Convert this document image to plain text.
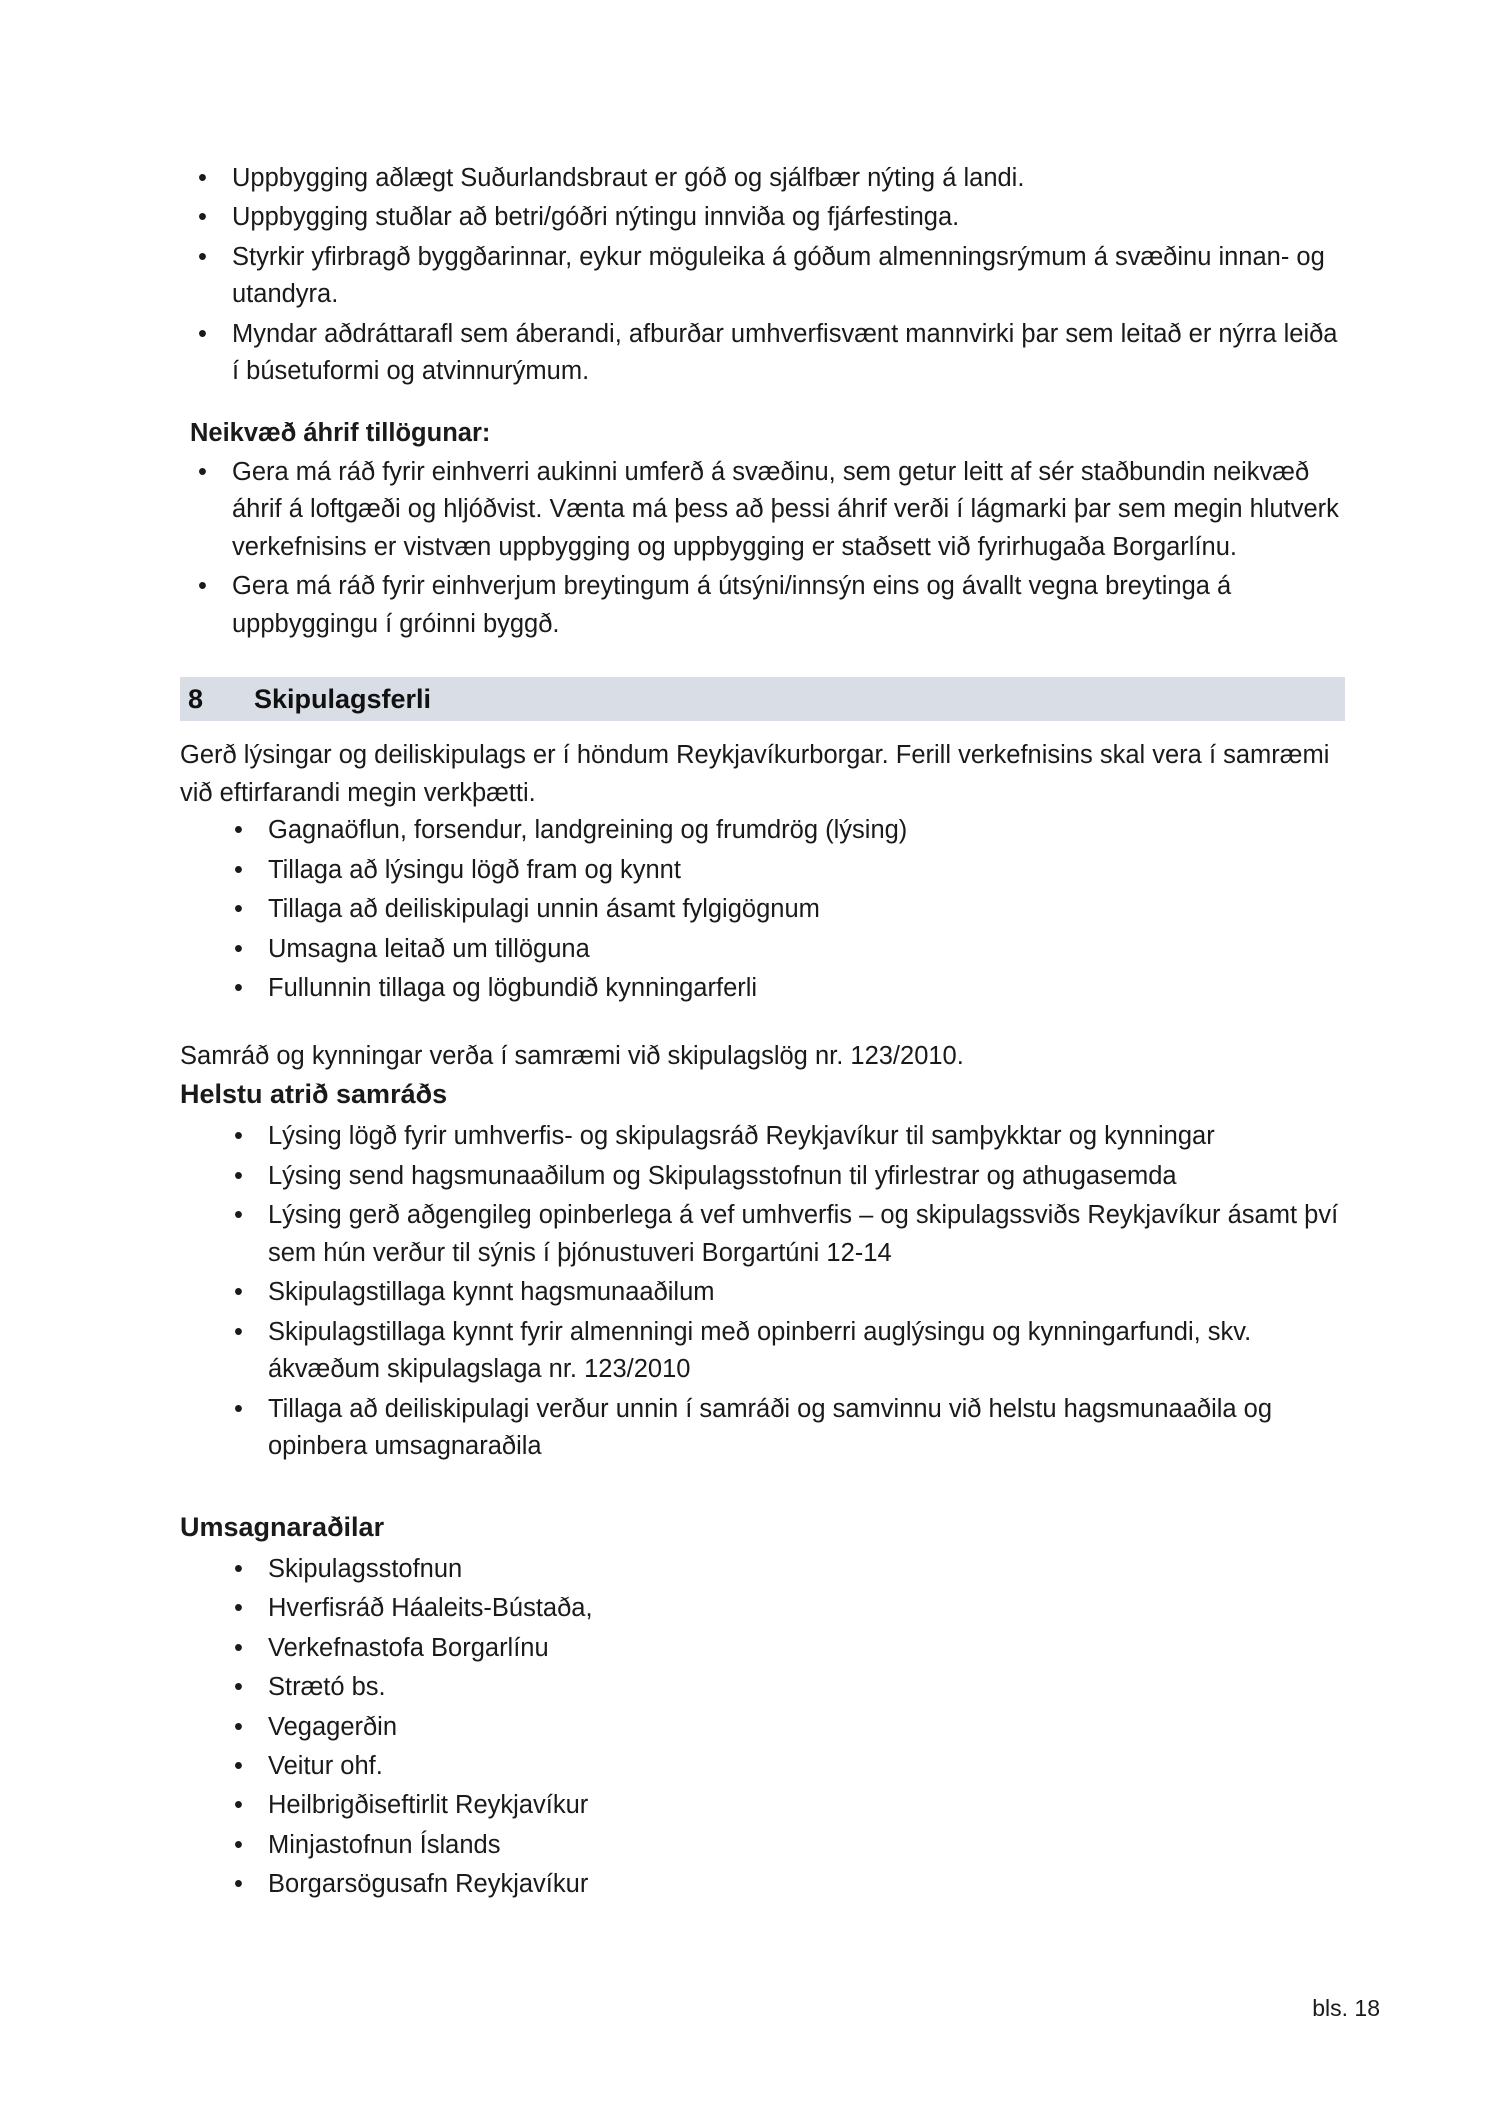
• Uppbygging aðlægt Suðurlandsbraut er góð og sjálfbær nýting á landi.
• Uppbygging stuðlar að betri/góðri nýtingu innviða og fjárfestinga.
• Styrkir yfirbragð byggðarinnar, eykur möguleika á góðum almenningsrýmum á svæðinu innan- og utandyra.
• Myndar aðdráttarafl sem áberandi, afburðar umhverfisvænt mannvirki þar sem leitað er nýrra leiða í búsetuformi og atvinnurýmum.
Neikvæð áhrif tillögunar:
• Gera má ráð fyrir einhverri aukinni umferð á svæðinu, sem getur leitt af sér staðbundin neikvæð áhrif á loftgæði og hljóðvist. Vænta má þess að þessi áhrif verði í lágmarki þar sem megin hlutverk verkefnisins er vistvæn uppbygging og uppbygging er staðsett við fyrirhugaða Borgarlínu.
• Gera má ráð fyrir einhverjum breytingum á útsýni/innsýn eins og ávallt vegna breytinga á uppbyggingu í gróinni byggð.
8	Skipulagsferli

Gerð lýsingar og deiliskipulags er í höndum Reykjavíkurborgar. Ferill verkefnisins skal vera í samræmi við eftirfarandi megin verkþætti.

• Gagnaöflun, forsendur, landgreining og frumdrög (lýsing)
• Tillaga að lýsingu lögð fram og kynnt
• Tillaga að deiliskipulagi unnin ásamt fylgigögnum
• Umsagna leitað um tillöguna
• Fullunnin tillaga og lögbundið kynningarferli

Samráð og kynningar verða í samræmi við skipulagslög nr. 123/2010.

Helstu atrið samráðs
• Lýsing lögð fyrir umhverfis- og skipulagsráð Reykjavíkur til samþykktar og kynningar
• Lýsing send hagsmunaaðilum og Skipulagsstofnun til yfirlestrar og athugasemda
• Lýsing gerð aðgengileg opinberlega á vef umhverfis – og skipulagssviðs Reykjavíkur ásamt því sem hún verður til sýnis í þjónustuveri Borgartúni 12-14
• Skipulagstillaga kynnt hagsmunaaðilum
• Skipulagstillaga kynnt fyrir almenningi með opinberri auglýsingu og kynningarfundi, skv. ákvæðum skipulagslaga nr. 123/2010
• Tillaga að deiliskipulagi verður unnin í samráði og samvinnu við helstu hagsmunaaðila og opinbera umsagnaraðila
Umsagnaraðilar
• Skipulagsstofnun
• Hverfisráð Háaleits-Bústaða,
• Verkefnastofa Borgarlínu
• Strætó bs.
• Vegagerðin
• Veitur ohf.
• Heilbrigðiseftirlit Reykjavíkur
• Minjastofnun Íslands
• Borgarsögusafn Reykjavíkur
bls. 18
